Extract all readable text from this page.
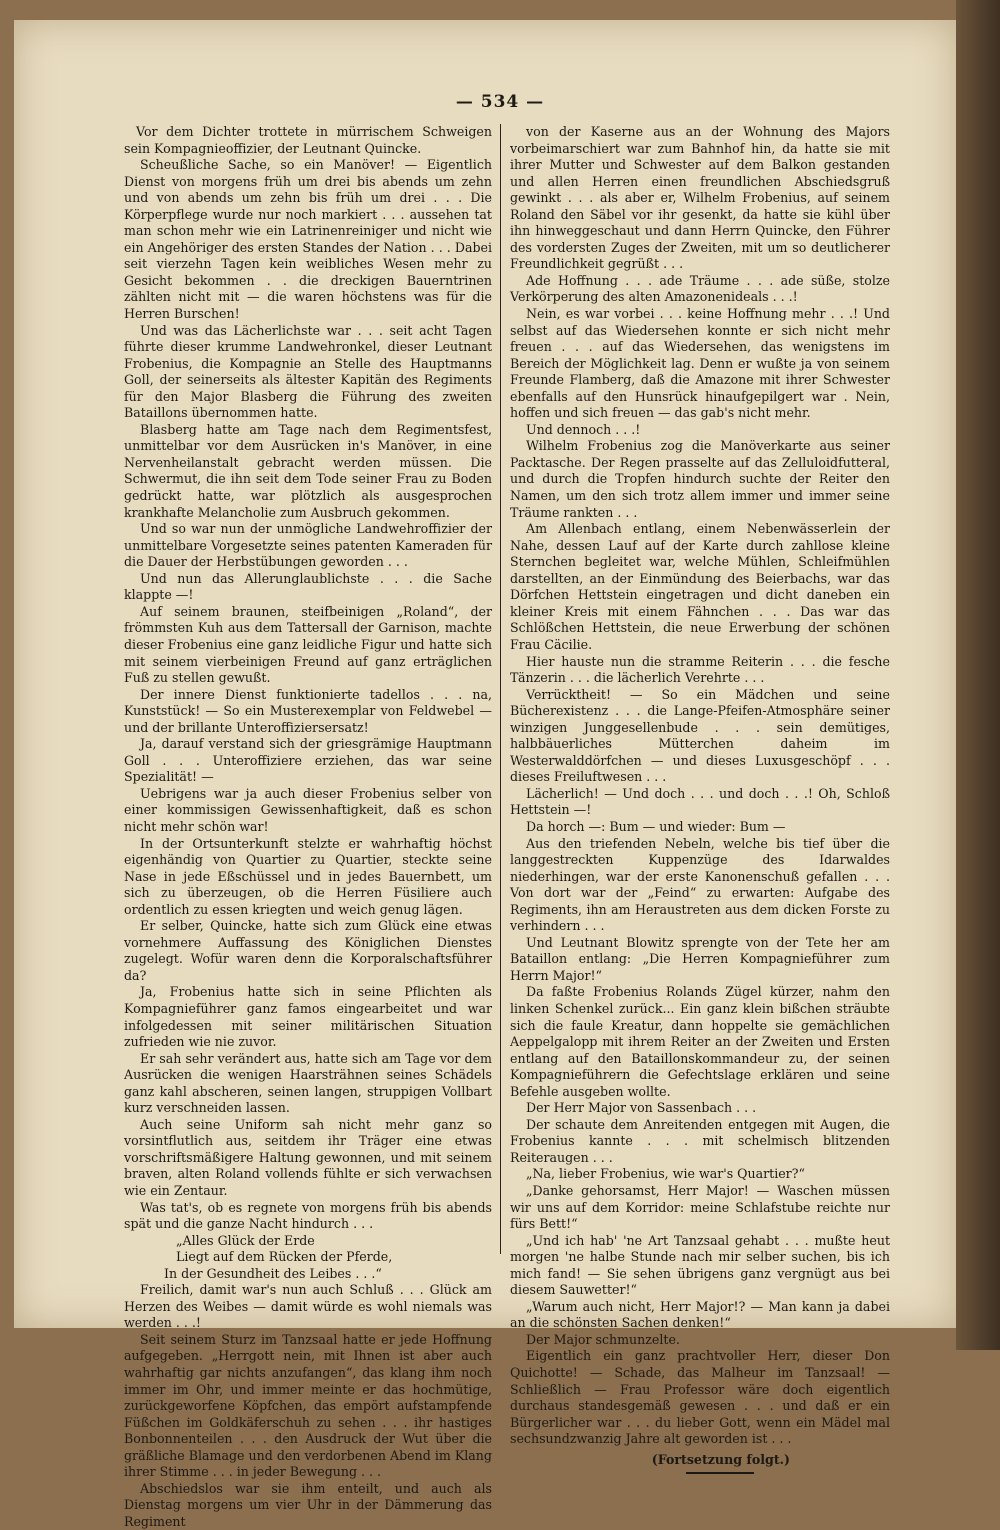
— 534 —

Vor dem Dichter trottete in mürrischem Schweigen sein Kompagnieoffizier, der Leutnant Quincke.

Scheußliche Sache, so ein Manöver! — Eigentlich Dienst von morgens früh um drei bis abends um zehn und von abends um zehn bis früh um drei . . . Die Körperpflege wurde nur noch markiert . . . aussehen tat man schon mehr wie ein Latrinenreiniger und nicht wie ein Angehöriger des ersten Standes der Nation . . . Dabei seit vierzehn Tagen kein weibliches Wesen mehr zu Gesicht bekommen . . die dreckigen Bauerntrinen zählten nicht mit — die waren höchstens was für die Herren Burschen!

Und was das Lächerlichste war . . . seit acht Tagen führte dieser krumme Landwehronkel, dieser Leutnant Frobenius, die Kompagnie an Stelle des Hauptmanns Goll, der seinerseits als ältester Kapitän des Regiments für den Major Blasberg die Führung des zweiten Bataillons übernommen hatte.

Blasberg hatte am Tage nach dem Regimentsfest, unmittelbar vor dem Ausrücken in's Manöver, in eine Nervenheilanstalt gebracht werden müssen. Die Schwermut, die ihn seit dem Tode seiner Frau zu Boden gedrückt hatte, war plötzlich als ausgesprochen krankhafte Melancholie zum Ausbruch gekommen.

Und so war nun der unmögliche Landwehroffizier der unmittelbare Vorgesetzte seines patenten Kameraden für die Dauer der Herbstübungen geworden . . .

Und nun das Allerunglaublichste . . . die Sache klappte —!

Auf seinem braunen, steifbeinigen „Roland“, der frömmsten Kuh aus dem Tattersall der Garnison, machte dieser Frobenius eine ganz leidliche Figur und hatte sich mit seinem vierbeinigen Freund auf ganz erträglichen Fuß zu stellen gewußt.

Der innere Dienst funktionierte tadellos . . . na, Kunststück! — So ein Musterexemplar von Feldwebel — und der brillante Unteroffiziersersatz!

Ja, darauf verstand sich der griesgrämige Hauptmann Goll . . . Unteroffiziere erziehen, das war seine Spezialität! —

Uebrigens war ja auch dieser Frobenius selber von einer kommissigen Gewissenhaftigkeit, daß es schon nicht mehr schön war!

In der Ortsunterkunft stelzte er wahrhaftig höchst eigenhändig von Quartier zu Quartier, steckte seine Nase in jede Eßschüssel und in jedes Bauernbett, um sich zu überzeugen, ob die Herren Füsiliere auch ordentlich zu essen kriegten und weich genug lägen.

Er selber, Quincke, hatte sich zum Glück eine etwas vornehmere Auffassung des Königlichen Dienstes zugelegt. Wofür waren denn die Korporalschaftsführer da?

Ja, Frobenius hatte sich in seine Pflichten als Kompagnieführer ganz famos eingearbeitet und war infolgedessen mit seiner militärischen Situation zufrieden wie nie zuvor.

Er sah sehr verändert aus, hatte sich am Tage vor dem Ausrücken die wenigen Haarsträhnen seines Schädels ganz kahl abscheren, seinen langen, struppigen Vollbart kurz verschneiden lassen.

Auch seine Uniform sah nicht mehr ganz so vorsintflutlich aus, seitdem ihr Träger eine etwas vorschriftsmäßigere Haltung gewonnen, und mit seinem braven, alten Roland vollends fühlte er sich verwachsen wie ein Zentaur.

Was tat's, ob es regnete von morgens früh bis abends spät und die ganze Nacht hindurch . . .

„Alles Glück der Erde

Liegt auf dem Rücken der Pferde,

In der Gesundheit des Leibes . . .“

Freilich, damit war's nun auch Schluß . . . Glück am Herzen des Weibes — damit würde es wohl niemals was werden . . .!

Seit seinem Sturz im Tanzsaal hatte er jede Hoffnung aufgegeben. „Herrgott nein, mit Ihnen ist aber auch wahrhaftig gar nichts anzufangen“, das klang ihm noch immer im Ohr, und immer meinte er das hochmütige, zurückgeworfene Köpfchen, das empört aufstampfende Füßchen im Goldkäferschuh zu sehen . . . ihr hastiges Bonbonnenteilen . . . den Ausdruck der Wut über die gräßliche Blamage und den verdorbenen Abend im Klang ihrer Stimme . . . in jeder Bewegung . . .

Abschiedslos war sie ihm enteilt, und auch als Dienstag morgens um vier Uhr in der Dämmerung das Regiment

von der Kaserne aus an der Wohnung des Majors vorbeimarschiert war zum Bahnhof hin, da hatte sie mit ihrer Mutter und Schwester auf dem Balkon gestanden und allen Herren einen freundlichen Abschiedsgruß gewinkt . . . als aber er, Wilhelm Frobenius, auf seinem Roland den Säbel vor ihr gesenkt, da hatte sie kühl über ihn hinweggeschaut und dann Herrn Quincke, den Führer des vordersten Zuges der Zweiten, mit um so deutlicherer Freundlichkeit gegrüßt . . .

Ade Hoffnung . . . ade Träume . . . ade süße, stolze Verkörperung des alten Amazonenideals . . .!

Nein, es war vorbei . . . keine Hoffnung mehr . . .! Und selbst auf das Wiedersehen konnte er sich nicht mehr freuen . . . auf das Wiedersehen, das wenigstens im Bereich der Möglichkeit lag. Denn er wußte ja von seinem Freunde Flamberg, daß die Amazone mit ihrer Schwester ebenfalls auf den Hunsrück hinaufgepilgert war . Nein, hoffen und sich freuen — das gab's nicht mehr.

Und dennoch . . .!

Wilhelm Frobenius zog die Manöverkarte aus seiner Packtasche. Der Regen prasselte auf das Zelluloidfutteral, und durch die Tropfen hindurch suchte der Reiter den Namen, um den sich trotz allem immer und immer seine Träume rankten . . .

Am Allenbach entlang, einem Nebenwässerlein der Nahe, dessen Lauf auf der Karte durch zahllose kleine Sternchen begleitet war, welche Mühlen, Schleifmühlen darstellten, an der Einmündung des Beierbachs, war das Dörfchen Hettstein eingetragen und dicht daneben ein kleiner Kreis mit einem Fähnchen . . . Das war das Schlößchen Hettstein, die neue Erwerbung der schönen Frau Cäcilie.

Hier hauste nun die stramme Reiterin . . . die fesche Tänzerin . . . die lächerlich Verehrte . . .

Verrücktheit! — So ein Mädchen und seine Bücherexistenz . . . die Lange-Pfeifen-Atmosphäre seiner winzigen Junggesellenbude . . . sein demütiges, halbbäuerliches Mütterchen daheim im Westerwalddörfchen — und dieses Luxusgeschöpf . . . dieses Freiluftwesen . . .

Lächerlich! — Und doch . . . und doch . . .! Oh, Schloß Hettstein —!

Da horch —: Bum — und wieder: Bum —

Aus den triefenden Nebeln, welche bis tief über die langgestreckten Kuppenzüge des Idarwaldes niederhingen, war der erste Kanonenschuß gefallen . . . Von dort war der „Feind“ zu erwarten: Aufgabe des Regiments, ihn am Heraustreten aus dem dicken Forste zu verhindern . . .

Und Leutnant Blowitz sprengte von der Tete her am Bataillon entlang: „Die Herren Kompagnieführer zum Herrn Major!“

Da faßte Frobenius Rolands Zügel kürzer, nahm den linken Schenkel zurück... Ein ganz klein bißchen sträubte sich die faule Kreatur, dann hoppelte sie gemächlichen Aeppelgalopp mit ihrem Reiter an der Zweiten und Ersten entlang auf den Bataillonskommandeur zu, der seinen Kompagnieführern die Gefechtslage erklären und seine Befehle ausgeben wollte.

Der Herr Major von Sassenbach . . .

Der schaute dem Anreitenden entgegen mit Augen, die Frobenius kannte . . . mit schelmisch blitzenden Reiteraugen . . .

„Na, lieber Frobenius, wie war's Quartier?“

„Danke gehorsamst, Herr Major! — Waschen müssen wir uns auf dem Korridor: meine Schlafstube reichte nur fürs Bett!“

„Und ich hab' 'ne Art Tanzsaal gehabt . . . mußte heut morgen 'ne halbe Stunde nach mir selber suchen, bis ich mich fand! — Sie sehen übrigens ganz vergnügt aus bei diesem Sauwetter!“

„Warum auch nicht, Herr Major!? — Man kann ja dabei an die schönsten Sachen denken!“

Der Major schmunzelte.

Eigentlich ein ganz prachtvoller Herr, dieser Don Quichotte! — Schade, das Malheur im Tanzsaal! — Schließlich — Frau Professor wäre doch eigentlich durchaus standesgemäß gewesen . . . und daß er ein Bürgerlicher war . . . du lieber Gott, wenn ein Mädel mal sechsundzwanzig Jahre alt geworden ist . . .

(Fortsetzung folgt.)
